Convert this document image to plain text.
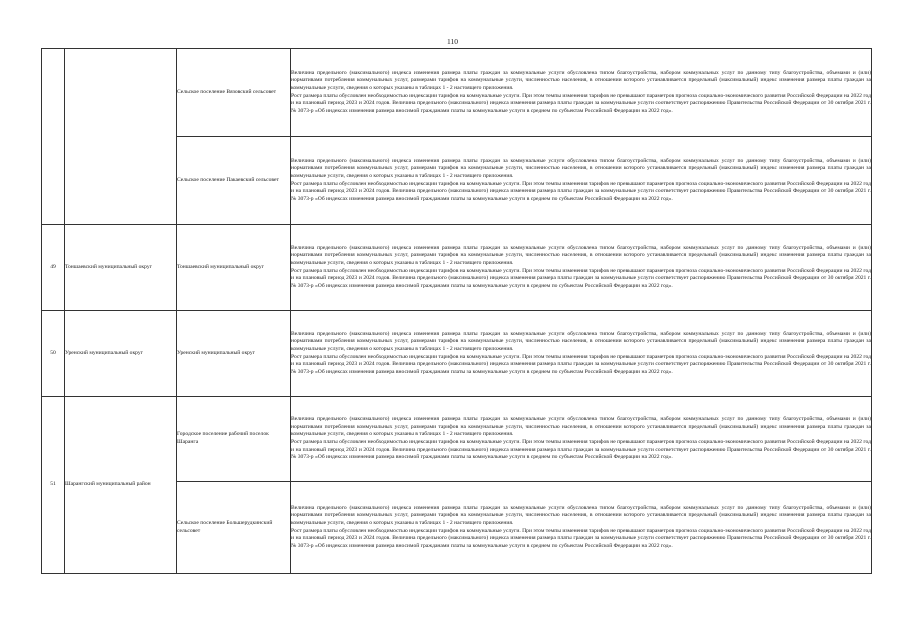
110
		Сельское поселение Вязовский сельсовет	Величина предельного (максимального) индекса изменения размера платы граждан за коммунальные услуги обусловлена типом благоустройства, набором коммунальных услуг по данному типу благоустройства, объемами и (или) нормативами потребления коммунальных услуг, размерами тарифов на коммунальные услуги, численностью населения, в отношении которого устанавливается предельный (максимальный) индекс изменения размера платы граждан за коммунальные услуги, сведения о которых указаны в таблицах 1 - 2 настоящего приложения.

Рост размера платы обусловлен необходимостью индексации тарифов на коммунальные услуги. При этом темпы изменения тарифов не превышают параметров прогноза социально-экономического развития Российской Федерации на 2022 год и на плановый период 2023 и 2024 годов. Величина предельного (максимального) индекса изменения размера платы граждан за коммунальные услуги соответствует распоряжению Правительства Российской Федерации от 30 октября 2021 г. № 3073-р «Об индексах изменения размера вносимой гражданами платы за коммунальные услуги в среднем по субъектам Российской Федерации на 2022 год».

		Сельское поселение Пакаевский сельсовет	Величина предельного (максимального) индекса изменения размера платы граждан за коммунальные услуги обусловлена типом благоустройства, набором коммунальных услуг по данному типу благоустройства, объемами и (или) нормативами потребления коммунальных услуг, размерами тарифов на коммунальные услуги, численностью населения, в отношении которого устанавливается предельный (максимальный) индекс изменения размера платы граждан за коммунальные услуги, сведения о которых указаны в таблицах 1 - 2 настоящего приложения.

Рост размера платы обусловлен необходимостью индексации тарифов на коммунальные услуги. При этом темпы изменения тарифов не превышают параметров прогноза социально-экономического развития Российской Федерации на 2022 год и на плановый период 2023 и 2024 годов. Величина предельного (максимального) индекса изменения размера платы граждан за коммунальные услуги соответствует распоряжению Правительства Российской Федерации от 30 октября 2021 г. № 3073-р «Об индексах изменения размера вносимой гражданами платы за коммунальные услуги в среднем по субъектам Российской Федерации на 2022 год».

49	Тоншаевский муниципальный округ	Тоншаевский муниципальный округ	Величина предельного (максимального) индекса изменения размера платы граждан за коммунальные услуги обусловлена типом благоустройства, набором коммунальных услуг по данному типу благоустройства, объемами и (или) нормативами потребления коммунальных услуг, размерами тарифов на коммунальные услуги, численностью населения, в отношении которого устанавливается предельный (максимальный) индекс изменения размера платы граждан за коммунальные услуги, сведения о которых указаны в таблицах 1 - 2 настоящего приложения.

Рост размера платы обусловлен необходимостью индексации тарифов на коммунальные услуги. При этом темпы изменения тарифов не превышают параметров прогноза социально-экономического развития Российской Федерации на 2022 год и на плановый период 2023 и 2024 годов. Величина предельного (максимального) индекса изменения размера платы граждан за коммунальные услуги соответствует распоряжению Правительства Российской Федерации от 30 октября 2021 г. № 3073-р «Об индексах изменения размера вносимой гражданами платы за коммунальные услуги в среднем по субъектам Российской Федерации на 2022 год».

50	Уренский муниципальный округ	Уренский муниципальный округ	Величина предельного (максимального) индекса изменения размера платы граждан за коммунальные услуги обусловлена типом благоустройства, набором коммунальных услуг по данному типу благоустройства, объемами и (или) нормативами потребления коммунальных услуг, размерами тарифов на коммунальные услуги, численностью населения, в отношении которого устанавливается предельный (максимальный) индекс изменения размера платы граждан за коммунальные услуги, сведения о которых указаны в таблицах 1 - 2 настоящего приложения.

Рост размера платы обусловлен необходимостью индексации тарифов на коммунальные услуги. При этом темпы изменения тарифов не превышают параметров прогноза социально-экономического развития Российской Федерации на 2022 год и на плановый период 2023 и 2024 годов. Величина предельного (максимального) индекса изменения размера платы граждан за коммунальные услуги соответствует распоряжению Правительства Российской Федерации от 30 октября 2021 г. № 3073-р «Об индексах изменения размера вносимой гражданами платы за коммунальные услуги в среднем по субъектам Российской Федерации на 2022 год».

51	Шарангский муниципальный район	Городское поселение рабочий поселок Шаранга	Величина предельного (максимального) индекса изменения размера платы граждан за коммунальные услуги обусловлена типом благоустройства, набором коммунальных услуг по данному типу благоустройства, объемами и (или) нормативами потребления коммунальных услуг, размерами тарифов на коммунальные услуги, численностью населения, в отношении которого устанавливается предельный (максимальный) индекс изменения размера платы граждан за коммунальные услуги, сведения о которых указаны в таблицах 1 - 2 настоящего приложения.

Рост размера платы обусловлен необходимостью индексации тарифов на коммунальные услуги. При этом темпы изменения тарифов не превышают параметров прогноза социально-экономического развития Российской Федерации на 2022 год и на плановый период 2023 и 2024 годов. Величина предельного (максимального) индекса изменения размера платы граждан за коммунальные услуги соответствует распоряжению Правительства Российской Федерации от 30 октября 2021 г. № 3073-р «Об индексах изменения размера вносимой гражданами платы за коммунальные услуги в среднем по субъектам Российской Федерации на 2022 год».

		Сельское поселение Большерудкинский сельсовет	Величина предельного (максимального) индекса изменения размера платы граждан за коммунальные услуги обусловлена типом благоустройства, набором коммунальных услуг по данному типу благоустройства, объемами и (или) нормативами потребления коммунальных услуг, размерами тарифов на коммунальные услуги, численностью населения, в отношении которого устанавливается предельный (максимальный) индекс изменения размера платы граждан за коммунальные услуги, сведения о которых указаны в таблицах 1 - 2 настоящего приложения.

Рост размера платы обусловлен необходимостью индексации тарифов на коммунальные услуги. При этом темпы изменения тарифов не превышают параметров прогноза социально-экономического развития Российской Федерации на 2022 год и на плановый период 2023 и 2024 годов. Величина предельного (максимального) индекса изменения размера платы граждан за коммунальные услуги соответствует распоряжению Правительства Российской Федерации от 30 октября 2021 г. № 3073-р «Об индексах изменения размера вносимой гражданами платы за коммунальные услуги в среднем по субъектам Российской Федерации на 2022 год».
